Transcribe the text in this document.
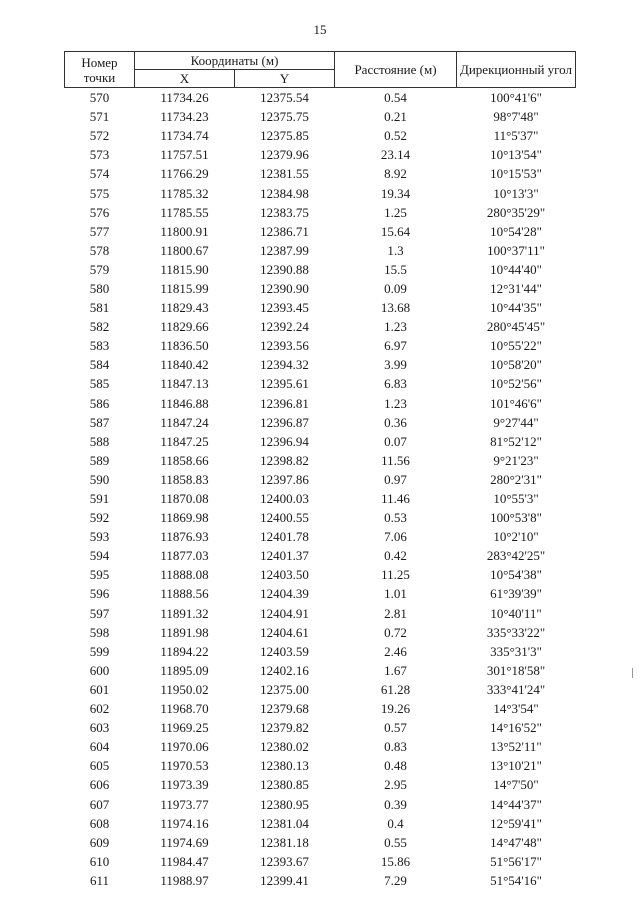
15
Номер точки	Координаты (м)		Расстояние (м)	Дирекционный угол
	X	Y		
570	11734.26	12375.54	0.54	100°41'6"
571	11734.23	12375.75	0.21	98°7'48"
572	11734.74	12375.85	0.52	11°5'37"
573	11757.51	12379.96	23.14	10°13'54"
574	11766.29	12381.55	8.92	10°15'53"
575	11785.32	12384.98	19.34	10°13'3"
576	11785.55	12383.75	1.25	280°35'29"
577	11800.91	12386.71	15.64	10°54'28"
578	11800.67	12387.99	1.3	100°37'11"
579	11815.90	12390.88	15.5	10°44'40"
580	11815.99	12390.90	0.09	12°31'44"
581	11829.43	12393.45	13.68	10°44'35"
582	11829.66	12392.24	1.23	280°45'45"
583	11836.50	12393.56	6.97	10°55'22"
584	11840.42	12394.32	3.99	10°58'20"
585	11847.13	12395.61	6.83	10°52'56"
586	11846.88	12396.81	1.23	101°46'6"
587	11847.24	12396.87	0.36	9°27'44"
588	11847.25	12396.94	0.07	81°52'12"
589	11858.66	12398.82	11.56	9°21'23"
590	11858.83	12397.86	0.97	280°2'31"
591	11870.08	12400.03	11.46	10°55'3"
592	11869.98	12400.55	0.53	100°53'8"
593	11876.93	12401.78	7.06	10°2'10"
594	11877.03	12401.37	0.42	283°42'25"
595	11888.08	12403.50	11.25	10°54'38"
596	11888.56	12404.39	1.01	61°39'39"
597	11891.32	12404.91	2.81	10°40'11"
598	11891.98	12404.61	0.72	335°33'22"
599	11894.22	12403.59	2.46	335°31'3"
600	11895.09	12402.16	1.67	301°18'58"
601	11950.02	12375.00	61.28	333°41'24"
602	11968.70	12379.68	19.26	14°3'54"
603	11969.25	12379.82	0.57	14°16'52"
604	11970.06	12380.02	0.83	13°52'11"
605	11970.53	12380.13	0.48	13°10'21"
606	11973.39	12380.85	2.95	14°7'50"
607	11973.77	12380.95	0.39	14°44'37"
608	11974.16	12381.04	0.4	12°59'41"
609	11974.69	12381.18	0.55	14°47'48"
610	11984.47	12393.67	15.86	51°56'17"
611	11988.97	12399.41	7.29	51°54'16"
